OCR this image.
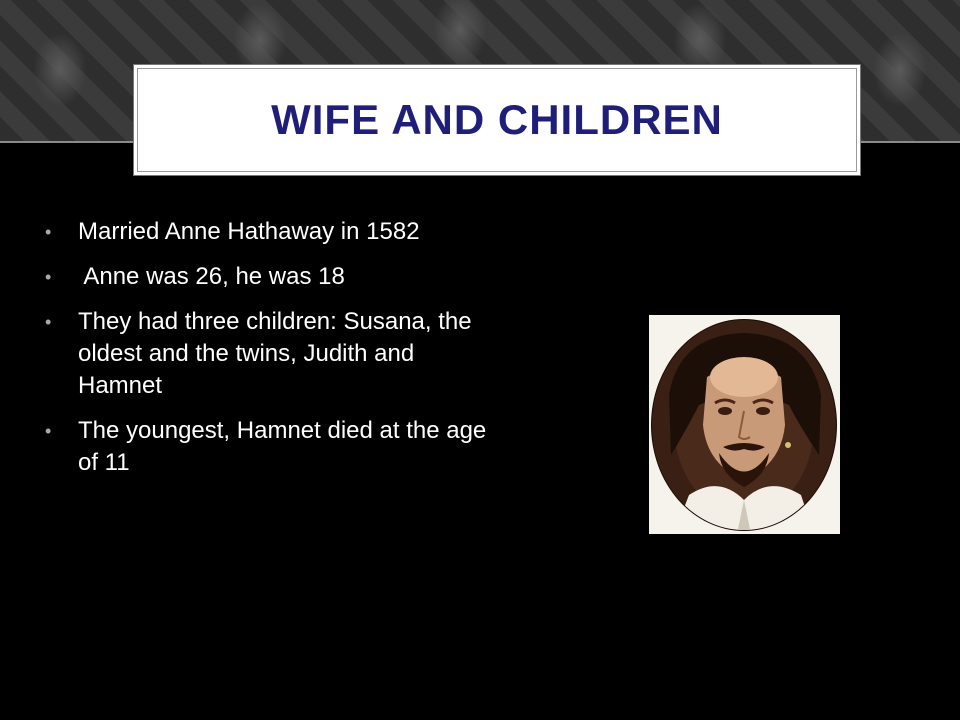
WIFE AND CHILDREN
• Married Anne Hathaway in 1582
• Anne was 26, he was 18
• They had three children: Susana, the oldest and the twins, Judith and Hamnet
• The youngest, Hamnet died at the age of 11
